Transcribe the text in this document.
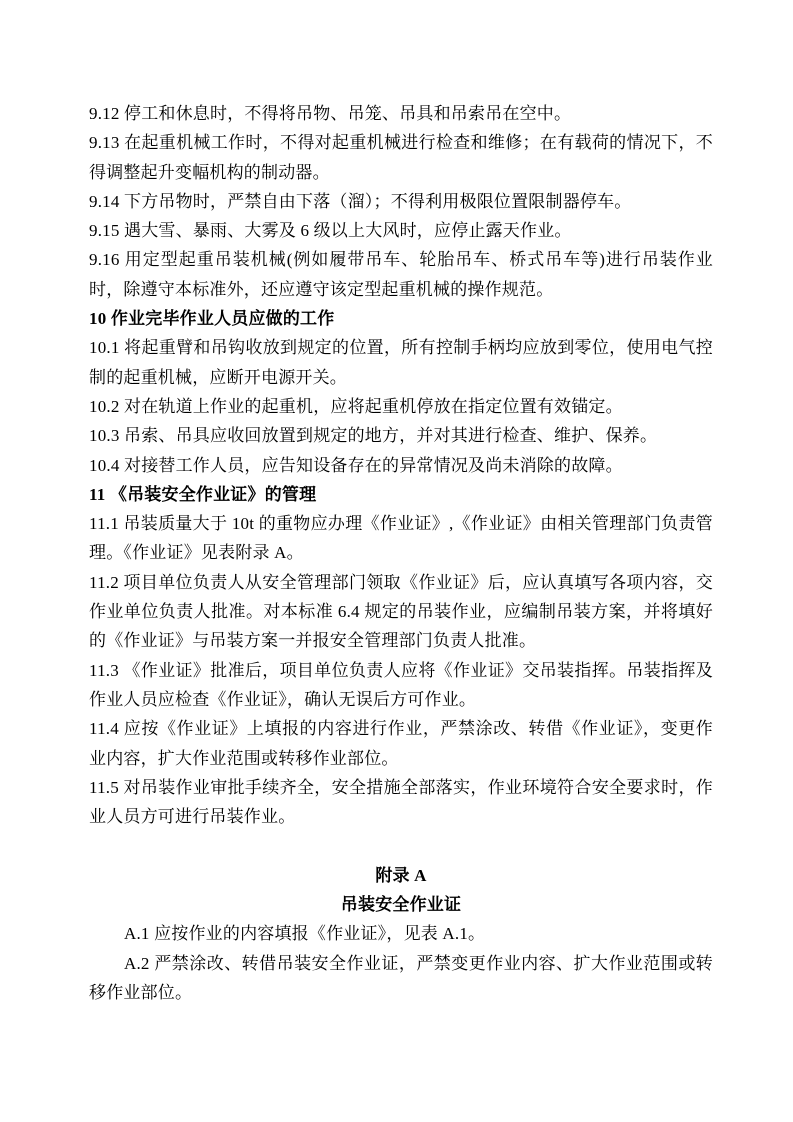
9.12 停工和休息时，不得将吊物、吊笼、吊具和吊索吊在空中。

9.13 在起重机械工作时，不得对起重机械进行检查和维修；在有载荷的情况下，不得调整起升变幅机构的制动器。

9.14 下方吊物时，严禁自由下落（溜）；不得利用极限位置限制器停车。

9.15 遇大雪、暴雨、大雾及 6 级以上大风时，应停止露天作业。

9.16 用定型起重吊装机械(例如履带吊车、轮胎吊车、桥式吊车等)进行吊装作业时，除遵守本标准外，还应遵守该定型起重机械的操作规范。

10 作业完毕作业人员应做的工作

10.1 将起重臂和吊钩收放到规定的位置，所有控制手柄均应放到零位，使用电气控制的起重机械，应断开电源开关。

10.2 对在轨道上作业的起重机，应将起重机停放在指定位置有效锚定。

10.3 吊索、吊具应收回放置到规定的地方，并对其进行检查、维护、保养。

10.4 对接替工作人员，应告知设备存在的异常情况及尚未消除的故障。

11 《吊装安全作业证》的管理

11.1 吊装质量大于 10t 的重物应办理《作业证》,《作业证》由相关管理部门负责管理。《作业证》见表附录 A。

11.2 项目单位负责人从安全管理部门领取《作业证》后，应认真填写各项内容，交作业单位负责人批准。对本标准 6.4 规定的吊装作业，应编制吊装方案，并将填好的《作业证》与吊装方案一并报安全管理部门负责人批准。

11.3 《作业证》批准后，项目单位负责人应将《作业证》交吊装指挥。吊装指挥及作业人员应检查《作业证》，确认无误后方可作业。

11.4 应按《作业证》上填报的内容进行作业，严禁涂改、转借《作业证》，变更作业内容，扩大作业范围或转移作业部位。

11.5 对吊装作业审批手续齐全，安全措施全部落实，作业环境符合安全要求时，作业人员方可进行吊装作业。

附录 A

吊装安全作业证

A.1 应按作业的内容填报《作业证》，见表 A.1。

A.2 严禁涂改、转借吊装安全作业证，严禁变更作业内容、扩大作业范围或转移作业部位。
